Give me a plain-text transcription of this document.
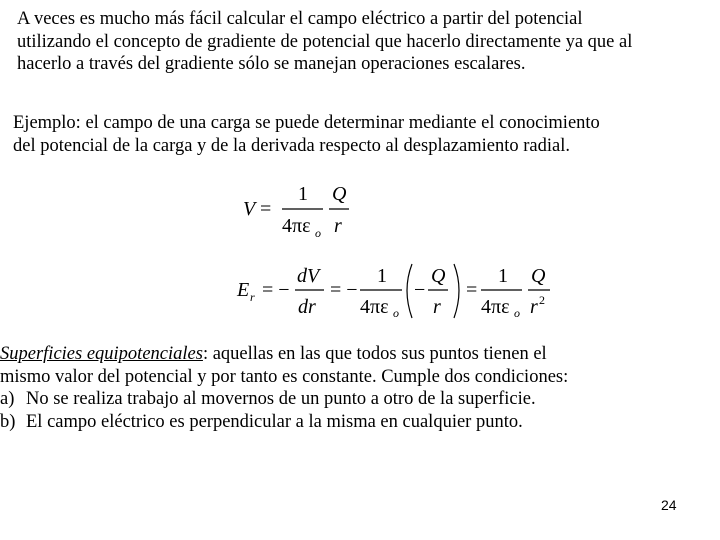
A veces es mucho más fácil calcular el campo eléctrico a partir del potencial
utilizando el concepto de gradiente de potencial que hacerlo directamente ya que al
hacerlo a través del gradiente sólo se manejan operaciones escalares.
Ejemplo: el campo de una carga se puede determinar mediante el conocimiento
del potencial de la carga y de la derivada respecto al desplazamiento radial.
V =
1
4πε o
Q
r
E r = −
dV
dr
= −
1
4πε o
−
Q
r
=
1
4πε o
Q
r 2
Superficies equipotenciales: aquellas en las que todos sus puntos tienen el
mismo valor del potencial y por tanto es constante. Cumple dos condiciones:
a) No se realiza trabajo al movernos de un punto a otro de la superficie.
b) El campo eléctrico es perpendicular a la misma en cualquier punto.
24
